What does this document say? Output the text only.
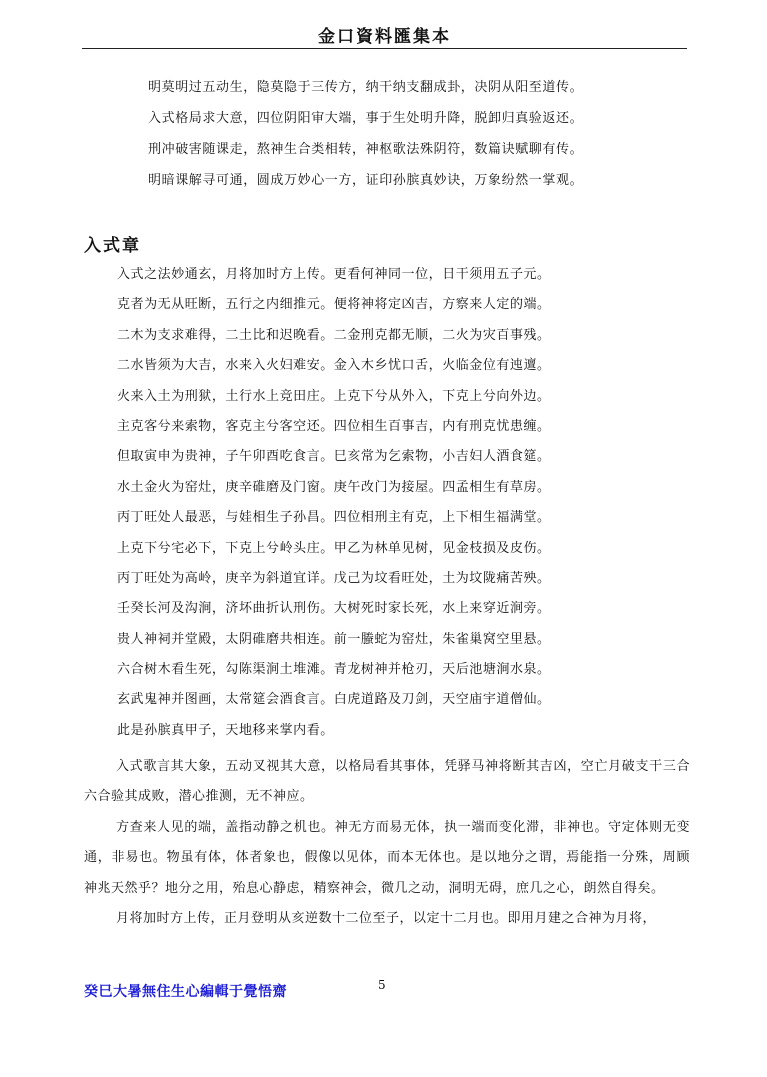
金口資料匯集本
明莫明过五动生，隐莫隐于三传方，纳干纳支翻成卦，决阴从阳至道传。
入式格局求大意，四位阴阳审大端，事于生处明升降，脱卸归真验返还。
刑冲破害随课走，熬神生合类相转，神枢歌法殊阴符，数篇诀赋聊有传。
明暗课解寻可通，圆成万妙心一方，证印孙膑真妙诀，万象纷然一掌观。
入式章
入式之法妙通玄，月将加时方上传。更看何神同一位，日干须用五子元。
克者为无从旺断，五行之内细推元。便将神将定凶吉，方察来人定的端。
二木为支求难得，二土比和迟晚看。二金刑克都无顺，二火为灾百事残。
二水皆须为大吉，水来入火妇难安。金入木乡忧口舌，火临金位有迍邅。
火来入土为刑狱，土行水上竞田庄。上克下兮从外入，下克上兮向外边。
主克客兮来索物，客克主兮客空还。四位相生百事吉，内有刑克忧患缠。
但取寅申为贵神，子午卯酉吃食言。巳亥常为乞索物，小吉妇人酒食筵。
水土金火为窑灶，庚辛碓磨及门窗。庚午改门为接屋。四孟相生有草房。
丙丁旺处人最恶，与娃相生子孙昌。四位相刑主有克，上下相生福满堂。
上克下兮宅必下，下克上兮岭头庄。甲乙为林单见树，见金枝损及皮伤。
丙丁旺处为高岭，庚辛为斜道宜详。戊己为坟看旺处，土为坟陇痛苦殃。
壬癸长河及沟涧，济坏曲折认刑伤。大树死时家长死，水上来穿近涧旁。
贵人神祠并堂殿，太阴碓磨共相连。前一螣蛇为窑灶，朱雀巢窝空里悬。
六合树木看生死，勾陈渠涧土堆滩。青龙树神并枪刃，天后池塘涧水泉。
玄武鬼神并图画，太常筵会酒食言。白虎道路及刀剑，天空庙宇道僧仙。
此是孙膑真甲子，天地移来掌内看。

入式歌言其大象，五动叉视其大意，以格局看其事体，凭驿马神将断其吉凶，空亡月破支干三合六合验其成败，潜心推测，无不神应。

方查来人见的端，盖指动静之机也。神无方而易无体，执一端而变化滞，非神也。守定体则无变通，非易也。物虽有体，体者象也，假像以见体，而本无体也。是以地分之谓，焉能指一分殊，周顾神兆天然乎？地分之用，殆息心静虑，精察神会，微几之动，洞明无碍，庶几之心，朗然自得矣。

月将加时方上传，正月登明从亥逆数十二位至子，以定十二月也。即用月建之合神为月将，

癸巳大暑無住生心編輯于覺悟齋	5
